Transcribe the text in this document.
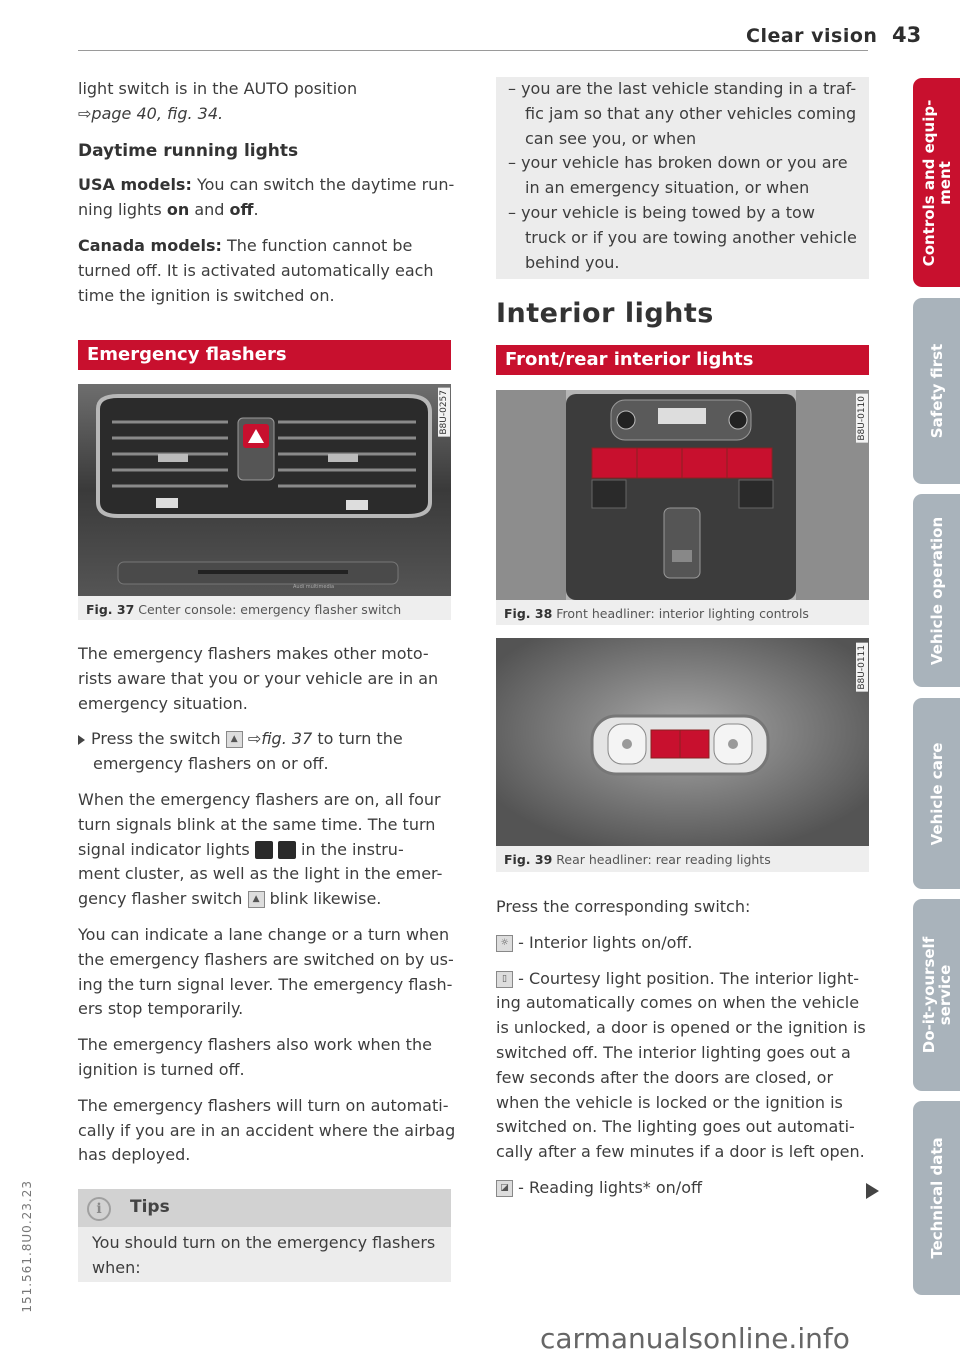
Clear vision 43

light switch is in the AUTO position

⇨page 40, fig. 34.

Daytime running lights

USA models: You can switch the daytime run-

ning lights on and off.

Canada models: The function cannot be

turned off. It is activated automatically each

time the ignition is switched on.

Emergency flashers
Audi multimedia
B8U-0257
Fig. 37 Center console: emergency flasher switch

The emergency flashers makes other moto-

rists aware that you or your vehicle are in an

emergency situation.

Press the switch ▲ ⇨fig. 37 to turn the

emergency flashers on or off.

When the emergency flashers are on, all four

turn signals blink at the same time. The turn

signal indicator lights	in the instru-

ment cluster, as well as the light in the emer-

gency flasher switch ▲ blink likewise.

You can indicate a lane change or a turn when

the emergency flashers are switched on by us-

ing the turn signal lever. The emergency flash-

ers stop temporarily.

The emergency flashers also work when the

ignition is turned off.

The emergency flashers will turn on automati-

cally if you are in an accident where the airbag

has deployed.

i	Tips
You should turn on the emergency flashers
when:

– you are the last vehicle standing in a traf-

fic jam so that any other vehicles coming

can see you, or when

– your vehicle has broken down or you are

in an emergency situation, or when

– your vehicle is being towed by a tow

truck or if you are towing another vehicle

behind you.

Interior lights
Front/rear interior lights
B8U-0110
Fig. 38 Front headliner: interior lighting controls
B8U-0111
Fig. 39 Rear headliner: rear reading lights

Press the corresponding switch:

☼ - Interior lights on/off.

▯ - Courtesy light position. The interior light-

ing automatically comes on when the vehicle

is unlocked, a door is opened or the ignition is

switched off. The interior lighting goes out a

few seconds after the doors are closed, or

when the vehicle is locked or the ignition is

switched on. The lighting goes out automati-

cally after a few minutes if a door is left open.

◪ - Reading lights* on/off

Controls and equip-
ment
Safety first
Vehicle operation
Vehicle care
Do-it-yourself
service
Technical data
151.561.8U0.23.23
carmanualsonline.info
